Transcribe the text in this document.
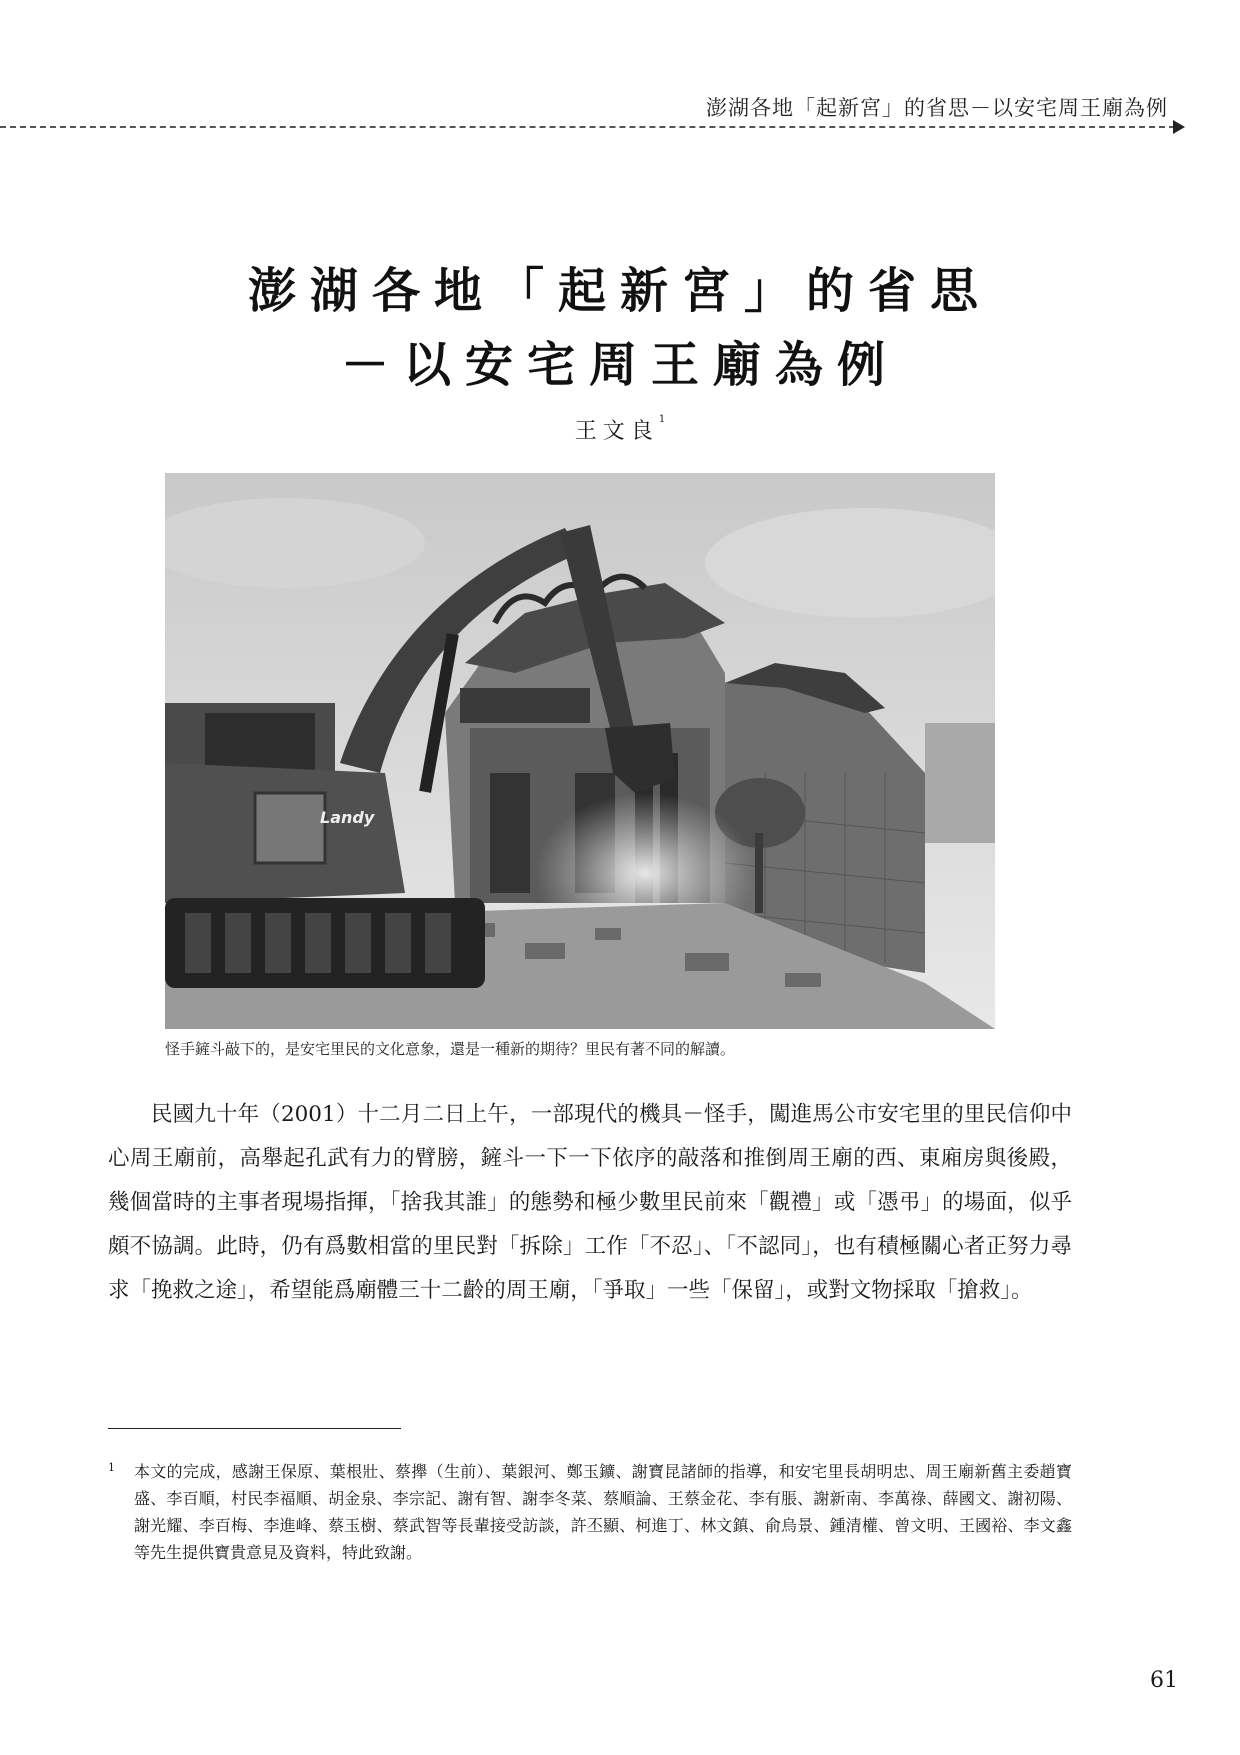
澎湖各地「起新宮」的省思－以安宅周王廟為例
澎湖各地「起新宮」的省思
－以安宅周王廟為例
王文良$^1$
Landy
怪手鏟斗敲下的，是安宅里民的文化意象，還是一種新的期待？里民有著不同的解讀。

民國九十年（2001）十二月二日上午，一部現代的機具－怪手，闖進馬公市安宅里的里民信仰中心周王廟前，高舉起孔武有力的臂膀，鏟斗一下一下依序的敲落和推倒周王廟的西、東廂房與後殿，幾個當時的主事者現場指揮，「捨我其誰」的態勢和極少數里民前來「觀禮」或「憑弔」的場面，似乎頗不協調。此時，仍有爲數相當的里民對「拆除」工作「不忍」、「不認同」，也有積極關心者正努力尋求「挽救之途」，希望能爲廟體三十二齡的周王廟，「爭取」一些「保留」，或對文物採取「搶救」。

1 本文的完成，感謝王保原、葉根壯、蔡攑（生前）、葉銀河、鄭玉鑛、謝寶昆諸師的指導，和安宅里長胡明忠、周王廟新舊主委趙寶盛、李百順，村民李福順、胡金泉、李宗記、謝有智、謝李冬菜、蔡順論、王蔡金花、李有脹、謝新南、李萬祿、薛國文、謝初陽、謝光耀、李百梅、李進峰、蔡玉樹、蔡武智等長輩接受訪談，許丕顯、柯進丁、林文鎮、俞烏景、鍾清權、曾文明、王國裕、李文鑫等先生提供寶貴意見及資料，特此致謝。
61
